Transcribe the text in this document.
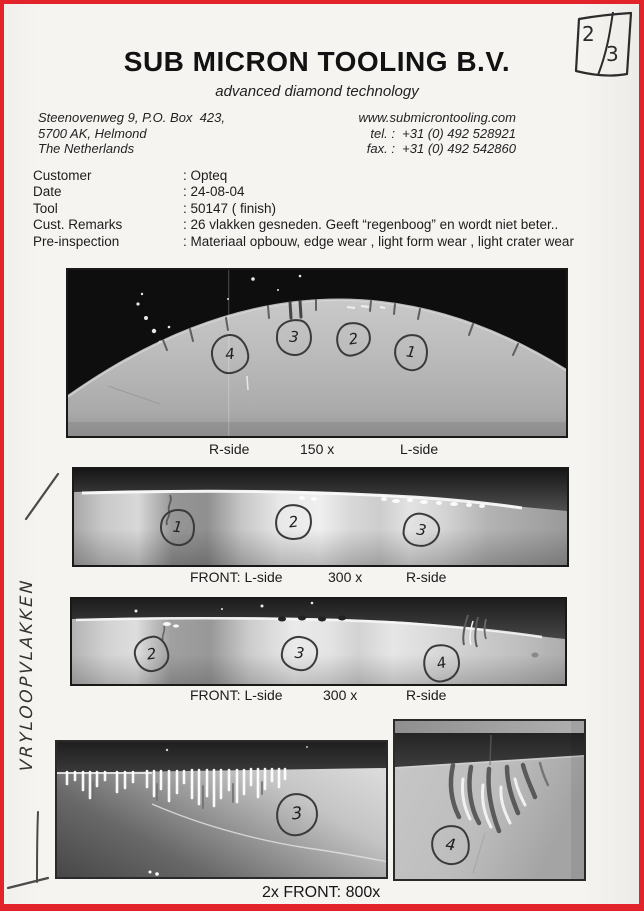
SUB MICRON TOOLING B.V.
advanced diamond technology
Steenovenweg 9, P.O. Box  423,
5700 AK, Helmond
The Netherlands
www.submicrontooling.com
tel. :  +31 (0) 492 528921
fax. :  +31 (0) 492 542860
2
3
Customer	: Opteq
Date	: 24-08-04
Tool	: 50147 ( finish)
Cust. Remarks	: 26 vlakken gesneden. Geeft “regenboog” en wordt niet beter..
Pre-inspection	: Materiaal opbouw, edge wear , light form wear , light crater wear
4
3	2
1
R-side	150 x	L-side
1	2	3
FRONT: L-side	300 x	R-side
2	3	4
FRONT: L-side	300 x	R-side
3
4
2x FRONT: 800x
VRYLOOPVLAKKEN
